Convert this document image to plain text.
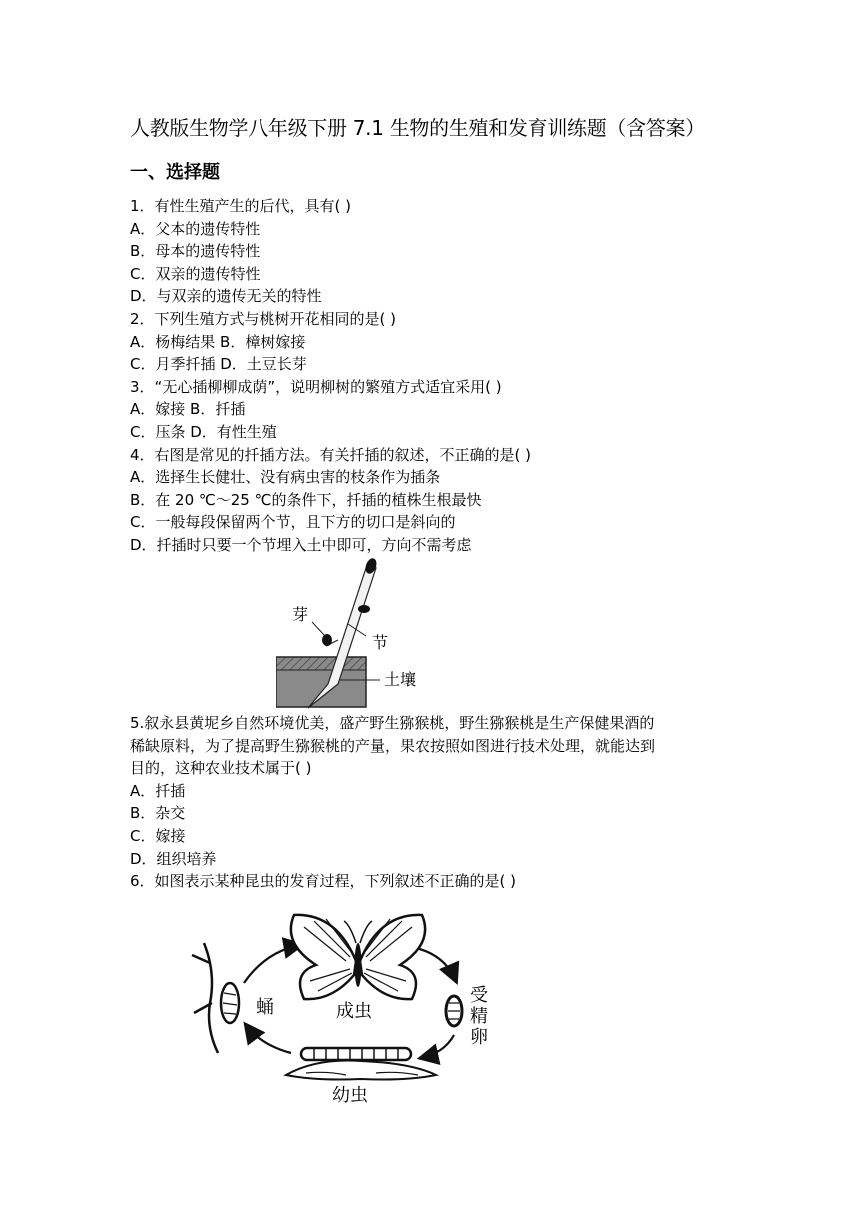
人教版生物学八年级下册 7.1 生物的生殖和发育训练题（含答案）
一、选择题
1．有性生殖产生的后代，具有( )
A．父本的遗传特性
B．母本的遗传特性
C．双亲的遗传特性
D．与双亲的遗传无关的特性
2．下列生殖方式与桃树开花相同的是( )
A．杨梅结果 B．樟树嫁接
C．月季扦插 D．土豆长芽
3．“无心插柳柳成荫”，说明柳树的繁殖方式适宜采用( )
A．嫁接 B．扦插
C．压条 D．有性生殖
4．右图是常见的扦插方法。有关扦插的叙述，不正确的是( )
A．选择生长健壮、没有病虫害的枝条作为插条
B．在 20 ℃～25 ℃的条件下，扦插的植株生根最快
C．一般每段保留两个节，且下方的切口是斜向的
D．扦插时只要一个节埋入土中即可，方向不需考虑
芽
节
土壤
5.叙永县黄坭乡自然环境优美，盛产野生猕猴桃，野生猕猴桃是生产保健果酒的
稀缺原料，为了提高野生猕猴桃的产量，果农按照如图进行技术处理，就能达到
目的，这种农业技术属于( )
A．扦插
B．杂交
C．嫁接
D．组织培养
6．如图表示某种昆虫的发育过程，下列叙述不正确的是( )
蛹	成虫
受
精
卵
幼虫
